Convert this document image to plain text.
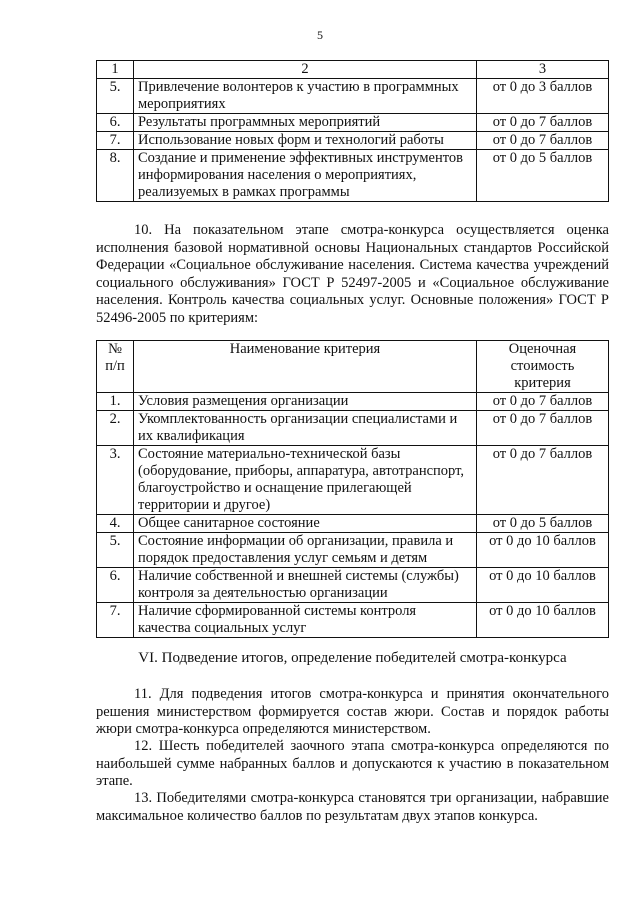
5
1	2	3
5.	Привлечение волонтеров к участию в программных мероприятиях	от 0 до 3 баллов
6.	Результаты программных мероприятий	от 0 до 7 баллов
7.	Использование новых форм и технологий работы	от 0 до 7 баллов
8.	Создание и применение эффективных инструментов информирования населения о мероприятиях, реализуемых в рамках программы	от 0 до 5 баллов

10. На показательном этапе смотра-конкурса осуществляется оценка исполнения базовой нормативной основы Национальных стандартов Российской Федерации «Социальное обслуживание населения. Система качества учреждений социального обслуживания» ГОСТ Р 52497-2005 и «Социальное обслуживание населения. Контроль качества социальных услуг. Основные положения» ГОСТ Р 52496-2005 по критериям:

№ п/п	Наименование критерия	Оценочная стоимость критерия
1.	Условия размещения организации	от 0 до 7 баллов
2.	Укомплектованность организации специалистами и их квалификация	от 0 до 7 баллов
3.	Состояние материально-технической базы (оборудование, приборы, аппаратура, автотранспорт, благоустройство и оснащение прилегающей территории и другое)	от 0 до 7 баллов
4.	Общее санитарное состояние	от 0 до 5 баллов
5.	Состояние информации об организации, правила и порядок предоставления услуг семьям и детям	от 0 до 10 баллов
6.	Наличие собственной и внешней системы (службы) контроля за деятельностью организации	от 0 до 10 баллов
7.	Наличие сформированной системы контроля качества социальных услуг	от 0 до 10 баллов

VI. Подведение итогов, определение победителей смотра-конкурса

11. Для подведения итогов смотра-конкурса и принятия окончательного решения министерством формируется состав жюри. Состав и порядок работы жюри смотра-конкурса определяются министерством.

12. Шесть победителей заочного этапа смотра-конкурса определяются по наибольшей сумме набранных баллов и допускаются к участию в показательном этапе.

13. Победителями смотра-конкурса становятся три организации, набравшие максимальное количество баллов по результатам двух этапов конкурса.
